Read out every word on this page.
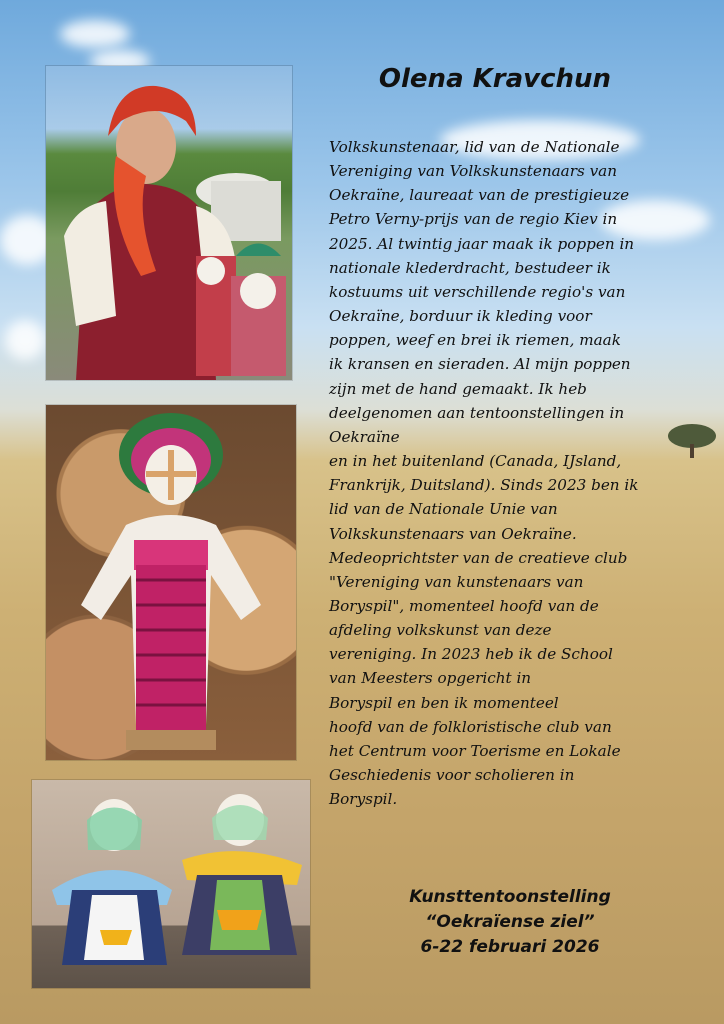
Olena Kravchun
Volkskunstenaar, lid van de Nationale
Vereniging van Volkskunstenaars van
Oekraïne, laureaat van de prestigieuze
Petro Verny-prijs van de regio Kiev in
2025. Al twintig jaar maak ik poppen in
nationale klederdracht, bestudeer ik
kostuums uit verschillende regio's van
Oekraïne, borduur ik kleding voor
poppen, weef en brei ik riemen, maak
ik kransen en sieraden. Al mijn poppen
zijn met de hand gemaakt. Ik heb
deelgenomen aan tentoonstellingen in
Oekraïne
en in het buitenland (Canada, IJsland,
Frankrijk, Duitsland). Sinds 2023 ben ik
lid van de Nationale Unie van
Volkskunstenaars van Oekraïne.
Medeoprichtster van de creatieve club
"Vereniging van kunstenaars van
Boryspil", momenteel hoofd van de
afdeling volkskunst van deze
vereniging. In 2023 heb ik de School
van Meesters opgericht in
Boryspil en ben ik momenteel
hoofd van de folkloristische club van
het Centrum voor Toerisme en Lokale
Geschiedenis voor scholieren in
Boryspil.
Kunsttentoonstelling
“Oekraïense ziel”
6-22 februari 2026
